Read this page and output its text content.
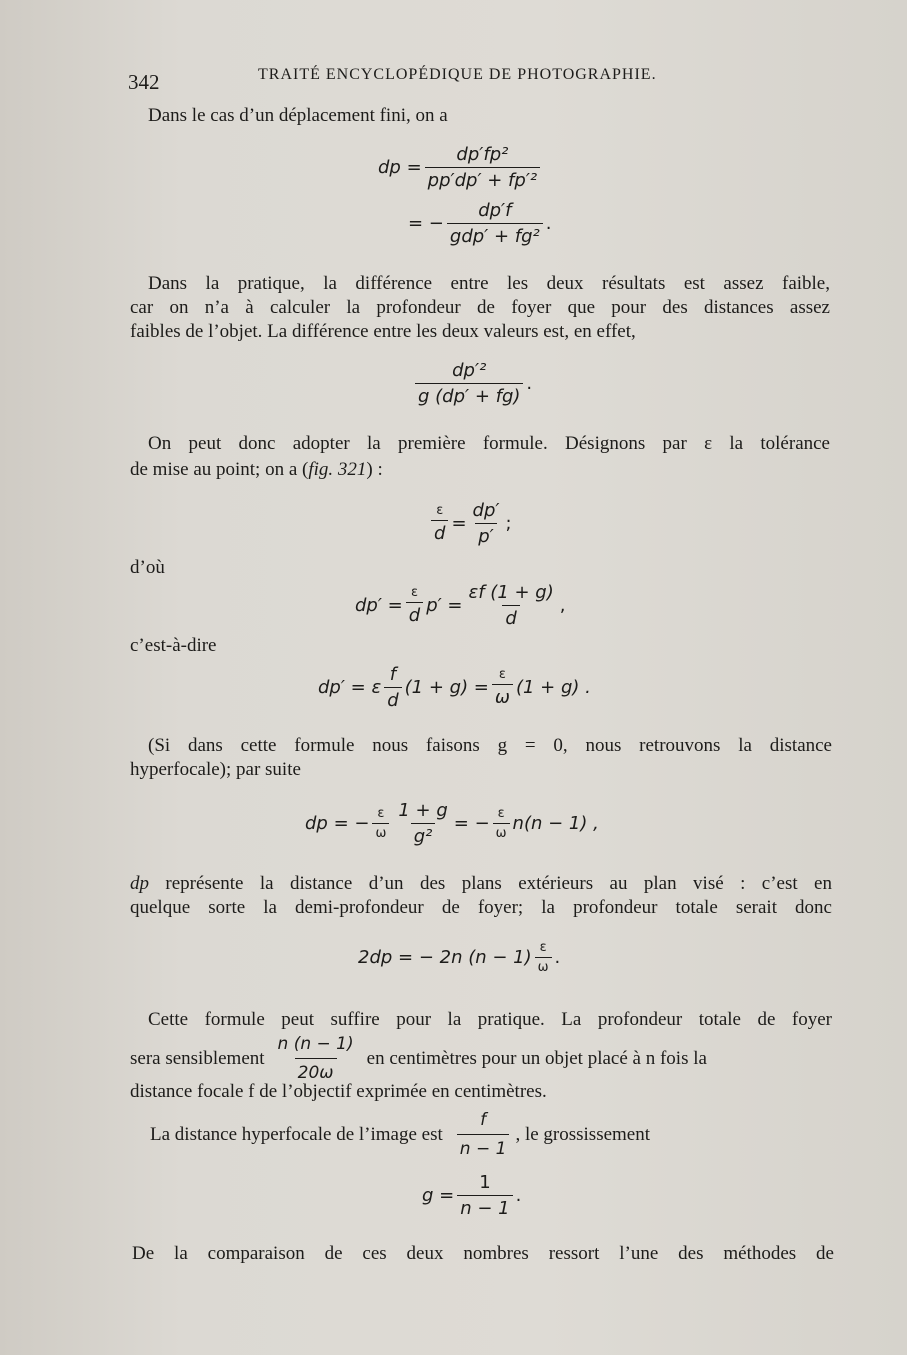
342	TRAITÉ ENCYCLOPÉDIQUE DE PHOTOGRAPHIE.
Dans le cas d’un déplacement fini, on a
dp = $\frac{\text{dp′fp²}}{\text{pp′dp′ + fp′²}}$
= − $\frac{dp'f}{\text{gdp′ + fg²}}$ .
Dans la pratique, la différence entre les deux résultats est assez faible,
car on n’a à calculer la profondeur de foyer que pour des distances assez
faibles de l’objet. La différence entre les deux valeurs est, en effet,
$\frac{\text{dp′²}}{g (dp' + fg)}$ .
On peut donc adopter la première formule. Désignons par ε la tolérance
de mise au point; on a (fig. 321) :
$\frac{\varepsilon}{d} = \frac{dp'}{p'}$ ;
d’où
$dp' = \frac{\varepsilon}{d} p' = \frac{\varepsilon f (1 + g)}{d}$ ,
c’est-à-dire
dp′ = ε $\frac{f}{d} (1 + g) = \frac{\varepsilon}{\omega} (1 + g)$ .
(Si dans cette formule nous faisons g = 0, nous retrouvons la distance
hyperfocale); par suite
dp = − $\frac{\varepsilon}{\omega} \frac{1 + g}{\text{g²}}$ = − $\frac{\varepsilon}{\omega} n(n - 1)$ ,
dp représente la distance d’un des plans extérieurs au plan visé : c’est en
quelque sorte la demi-profondeur de foyer; la profondeur totale serait donc
2dp = − 2n $(n - 1) \frac{\varepsilon}{\omega}$ .
Cette formule peut suffire pour la pratique. La profondeur totale de foyer
sera sensiblement $\frac{n (n - 1)}{20\omega}$ en centimètres pour un objet placé à n fois la
distance focale f de l’objectif exprimée en centimètres.
La distance hyperfocale de l’image est $\frac{f}{n - 1}$ , le grossissement
$g = \frac{1}{n - 1}$ .
De la comparaison de ces deux nombres ressort l’une des méthodes de
